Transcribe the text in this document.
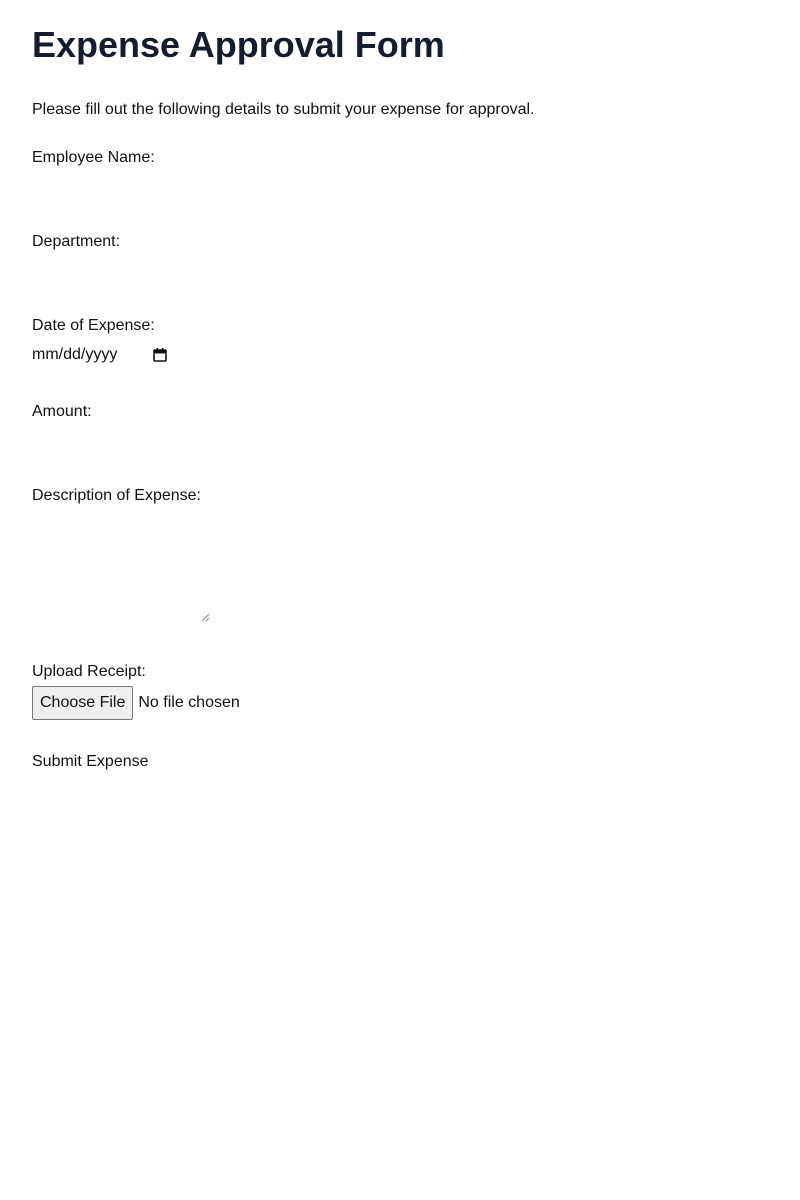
Expense Approval Form

Please fill out the following details to submit your expense for approval.

Employee Name:
Department:
Date of Expense:
mm/dd/yyyy
Amount:
Description of Expense:
Upload Receipt:
Choose File No file chosen
Submit Expense
